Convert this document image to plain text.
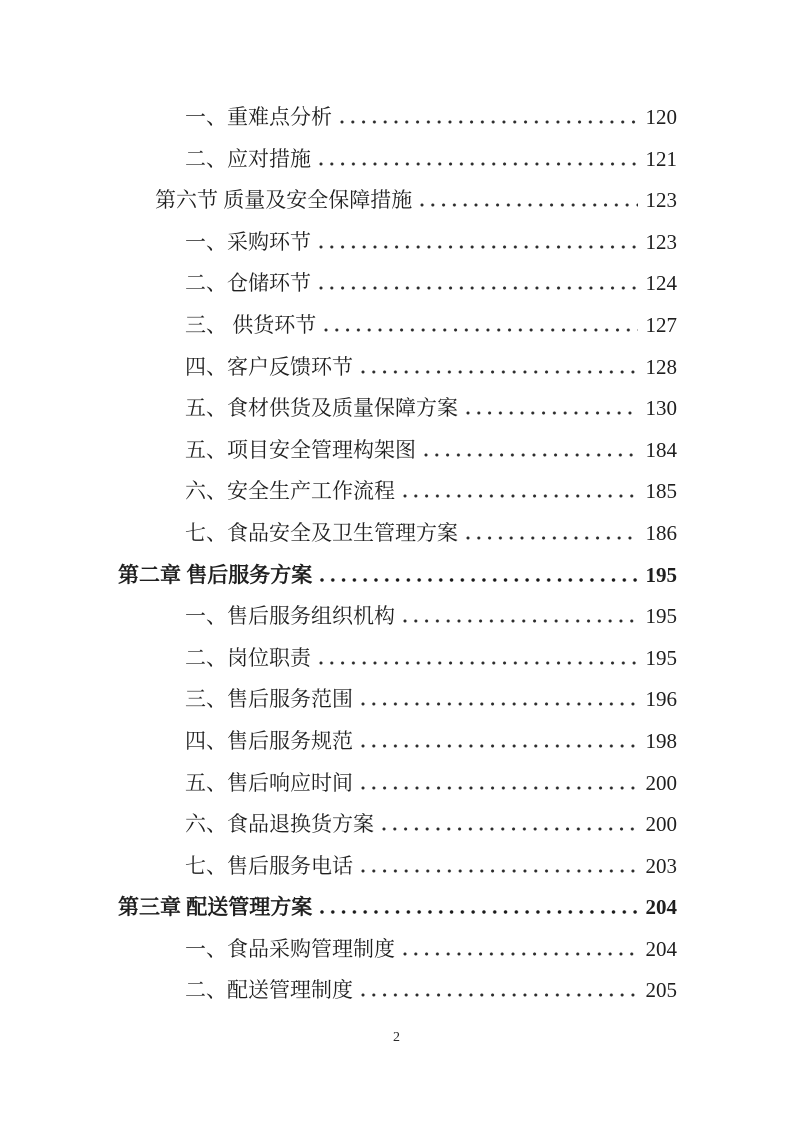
一、重难点分析	120
二、应对措施	121
第六节 质量及安全保障措施	123
一、采购环节	123
二、仓储环节	124
三、 供货环节	127
四、客户反馈环节	128
五、食材供货及质量保障方案	130
五、项目安全管理构架图	184
六、安全生产工作流程	185
七、食品安全及卫生管理方案	186
第二章 售后服务方案	195
一、售后服务组织机构	195
二、岗位职责	195
三、售后服务范围	196
四、售后服务规范	198
五、售后响应时间	200
六、食品退换货方案	200
七、售后服务电话	203
第三章 配送管理方案	204
一、食品采购管理制度	204
二、配送管理制度	205
2
